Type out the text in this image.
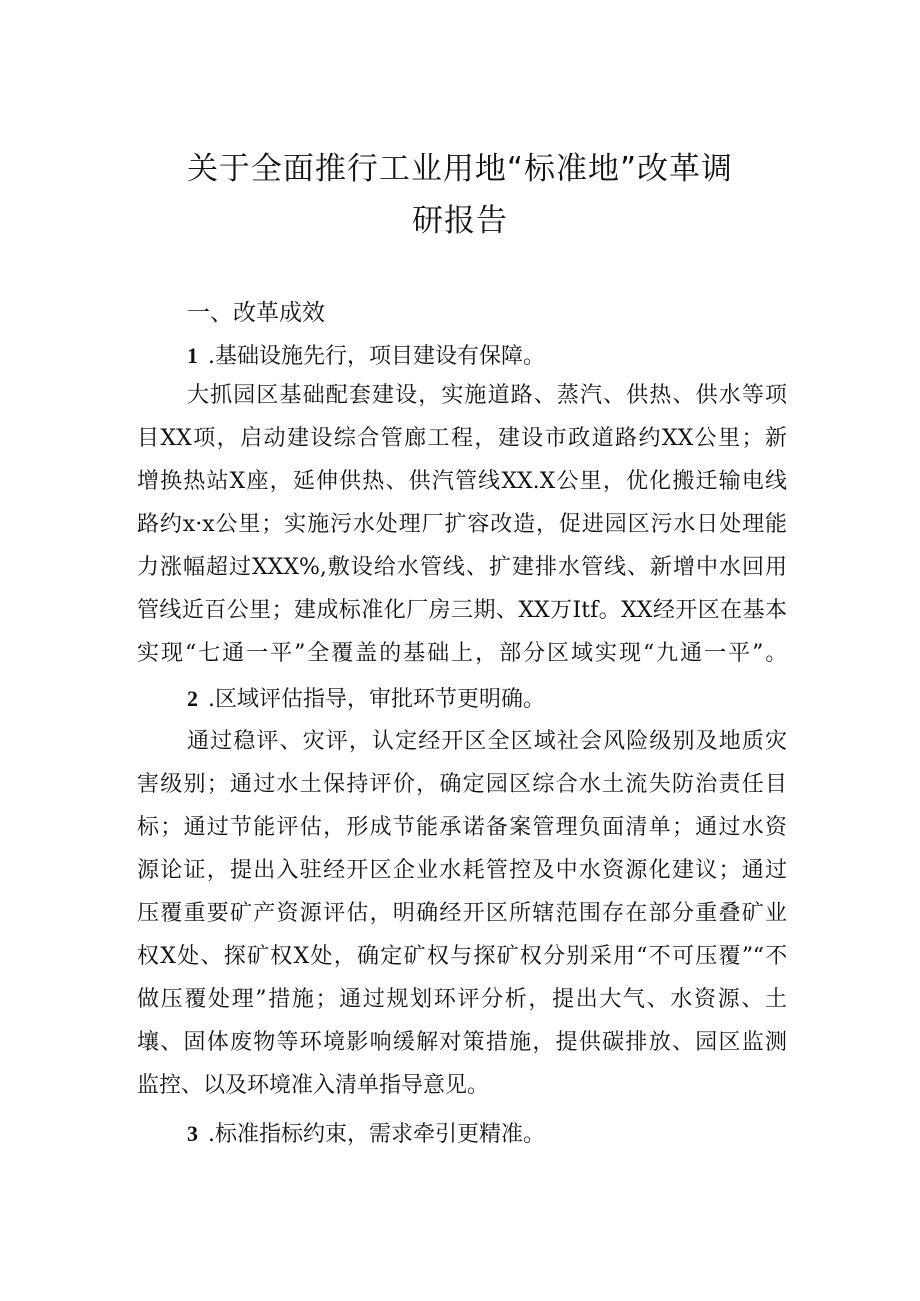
关于全面推行工业用地“标准地”改革调
研报告
一、改革成效
1 .基础设施先行，项目建设有保障。
大抓园区基础配套建设，实施道路、蒸汽、供热、供水等项
目XX项，启动建设综合管廊工程，建设市政道路约XX公里；新
增换热站X座，延伸供热、供汽管线XX.X公里，优化搬迁输电线
路约x·x公里；实施污水处理厂扩容改造，促进园区污水日处理能
力涨幅超过XXX%,敷设给水管线、扩建排水管线、新增中水回用
管线近百公里；建成标准化厂房三期、XX万Itf。XX经开区在基本
实现“七通一平”全覆盖的基础上，部分区域实现“九通一平”。
2 .区域评估指导，审批环节更明确。
通过稳评、灾评，认定经开区全区域社会风险级别及地质灾
害级别；通过水土保持评价，确定园区综合水土流失防治责任目
标；通过节能评估，形成节能承诺备案管理负面清单；通过水资
源论证，提出入驻经开区企业水耗管控及中水资源化建议；通过
压覆重要矿产资源评估，明确经开区所辖范围存在部分重叠矿业
权X处、探矿权X处，确定矿权与探矿权分别采用“不可压覆”“不
做压覆处理”措施；通过规划环评分析，提出大气、水资源、土
壤、固体废物等环境影响缓解对策措施，提供碳排放、园区监测
监控、以及环境准入清单指导意见。
3 .标准指标约束，需求牵引更精准。
